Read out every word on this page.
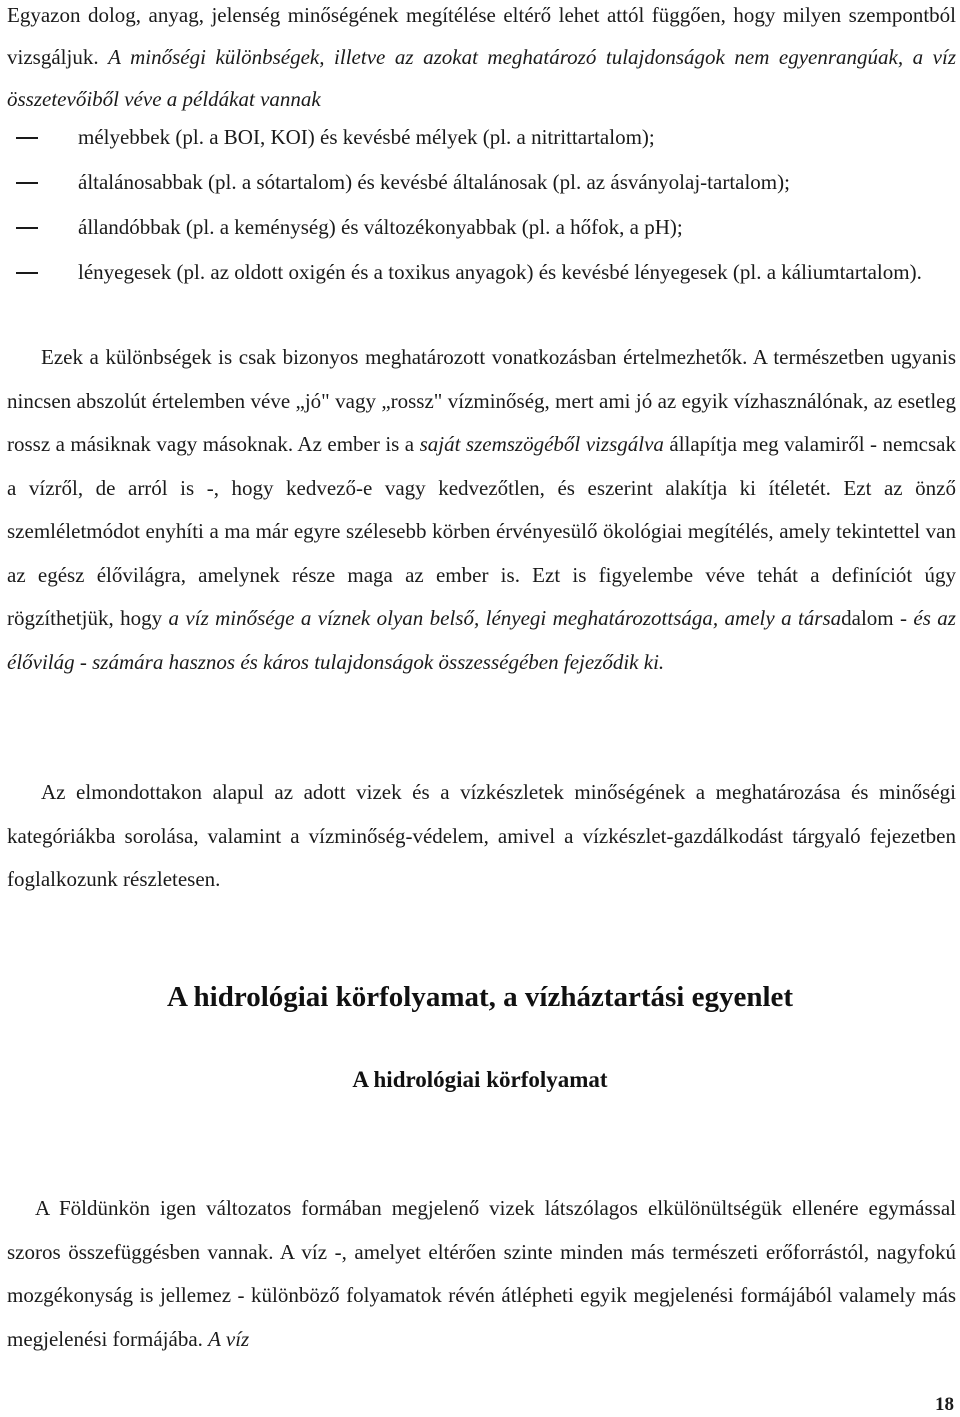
Egyazon dolog, anyag, jelenség minőségének megítélése eltérő lehet attól függően, hogy milyen szempontból vizsgáljuk. A minőségi különbségek, illetve az azokat meghatározó tulajdonságok nem egyenrangúak, a víz összetevőiből véve a példákat vannak

mélyebbek (pl. a BOI, KOI) és kevésbé mélyek (pl. a nitrittartalom);
általánosabbak (pl. a sótartalom) és kevésbé általánosak (pl. az ásványolaj-tartalom);
állandóbbak (pl. a keménység) és változékonyabbak (pl. a hőfok, a pH);
lényegesek (pl. az oldott oxigén és a toxikus anyagok) és kevésbé lényegesek (pl. a káliumtartalom).

Ezek a különbségek is csak bizonyos meghatározott vonatkozásban értelmezhetők. A természetben ugyanis nincsen abszolút értelemben véve „jó" vagy „rossz" vízminőség, mert ami jó az egyik vízhasználónak, az esetleg rossz a másiknak vagy másoknak. Az ember is a saját szemszögéből vizsgálva állapítja meg valamiről - nemcsak a vízről, de arról is -, hogy kedvező-e vagy kedvezőtlen, és eszerint alakítja ki ítéletét. Ezt az önző szemléletmódot enyhíti a ma már egyre szélesebb körben érvényesülő ökológiai megítélés, amely tekintettel van az egész élővilágra, amelynek része maga az ember is. Ezt is figyelembe véve tehát a definíciót úgy rögzíthetjük, hogy a víz minősége a víznek olyan belső, lényegi meghatározottsága, amely a társadalom - és az élővilág - számára hasznos és káros tulajdonságok összességében fejeződik ki.

Az elmondottakon alapul az adott vizek és a vízkészletek minőségének a meghatározása és minőségi kategóriákba sorolása, valamint a vízminőség-védelem, amivel a vízkészlet-gazdálkodást tárgyaló fejezetben foglalkozunk részletesen.

A hidrológiai körfolyamat, a vízháztartási egyenlet
A hidrológiai körfolyamat

A Földünkön igen változatos formában megjelenő vizek látszólagos elkülönültségük ellenére egymással szoros összefüggésben vannak. A víz -, amelyet eltérően szinte minden más természeti erőforrástól, nagyfokú mozgékonyság is jellemez - különböző folyamatok révén átlépheti egyik megjelenési formájából valamely más megjelenési formájába. A víz

18
